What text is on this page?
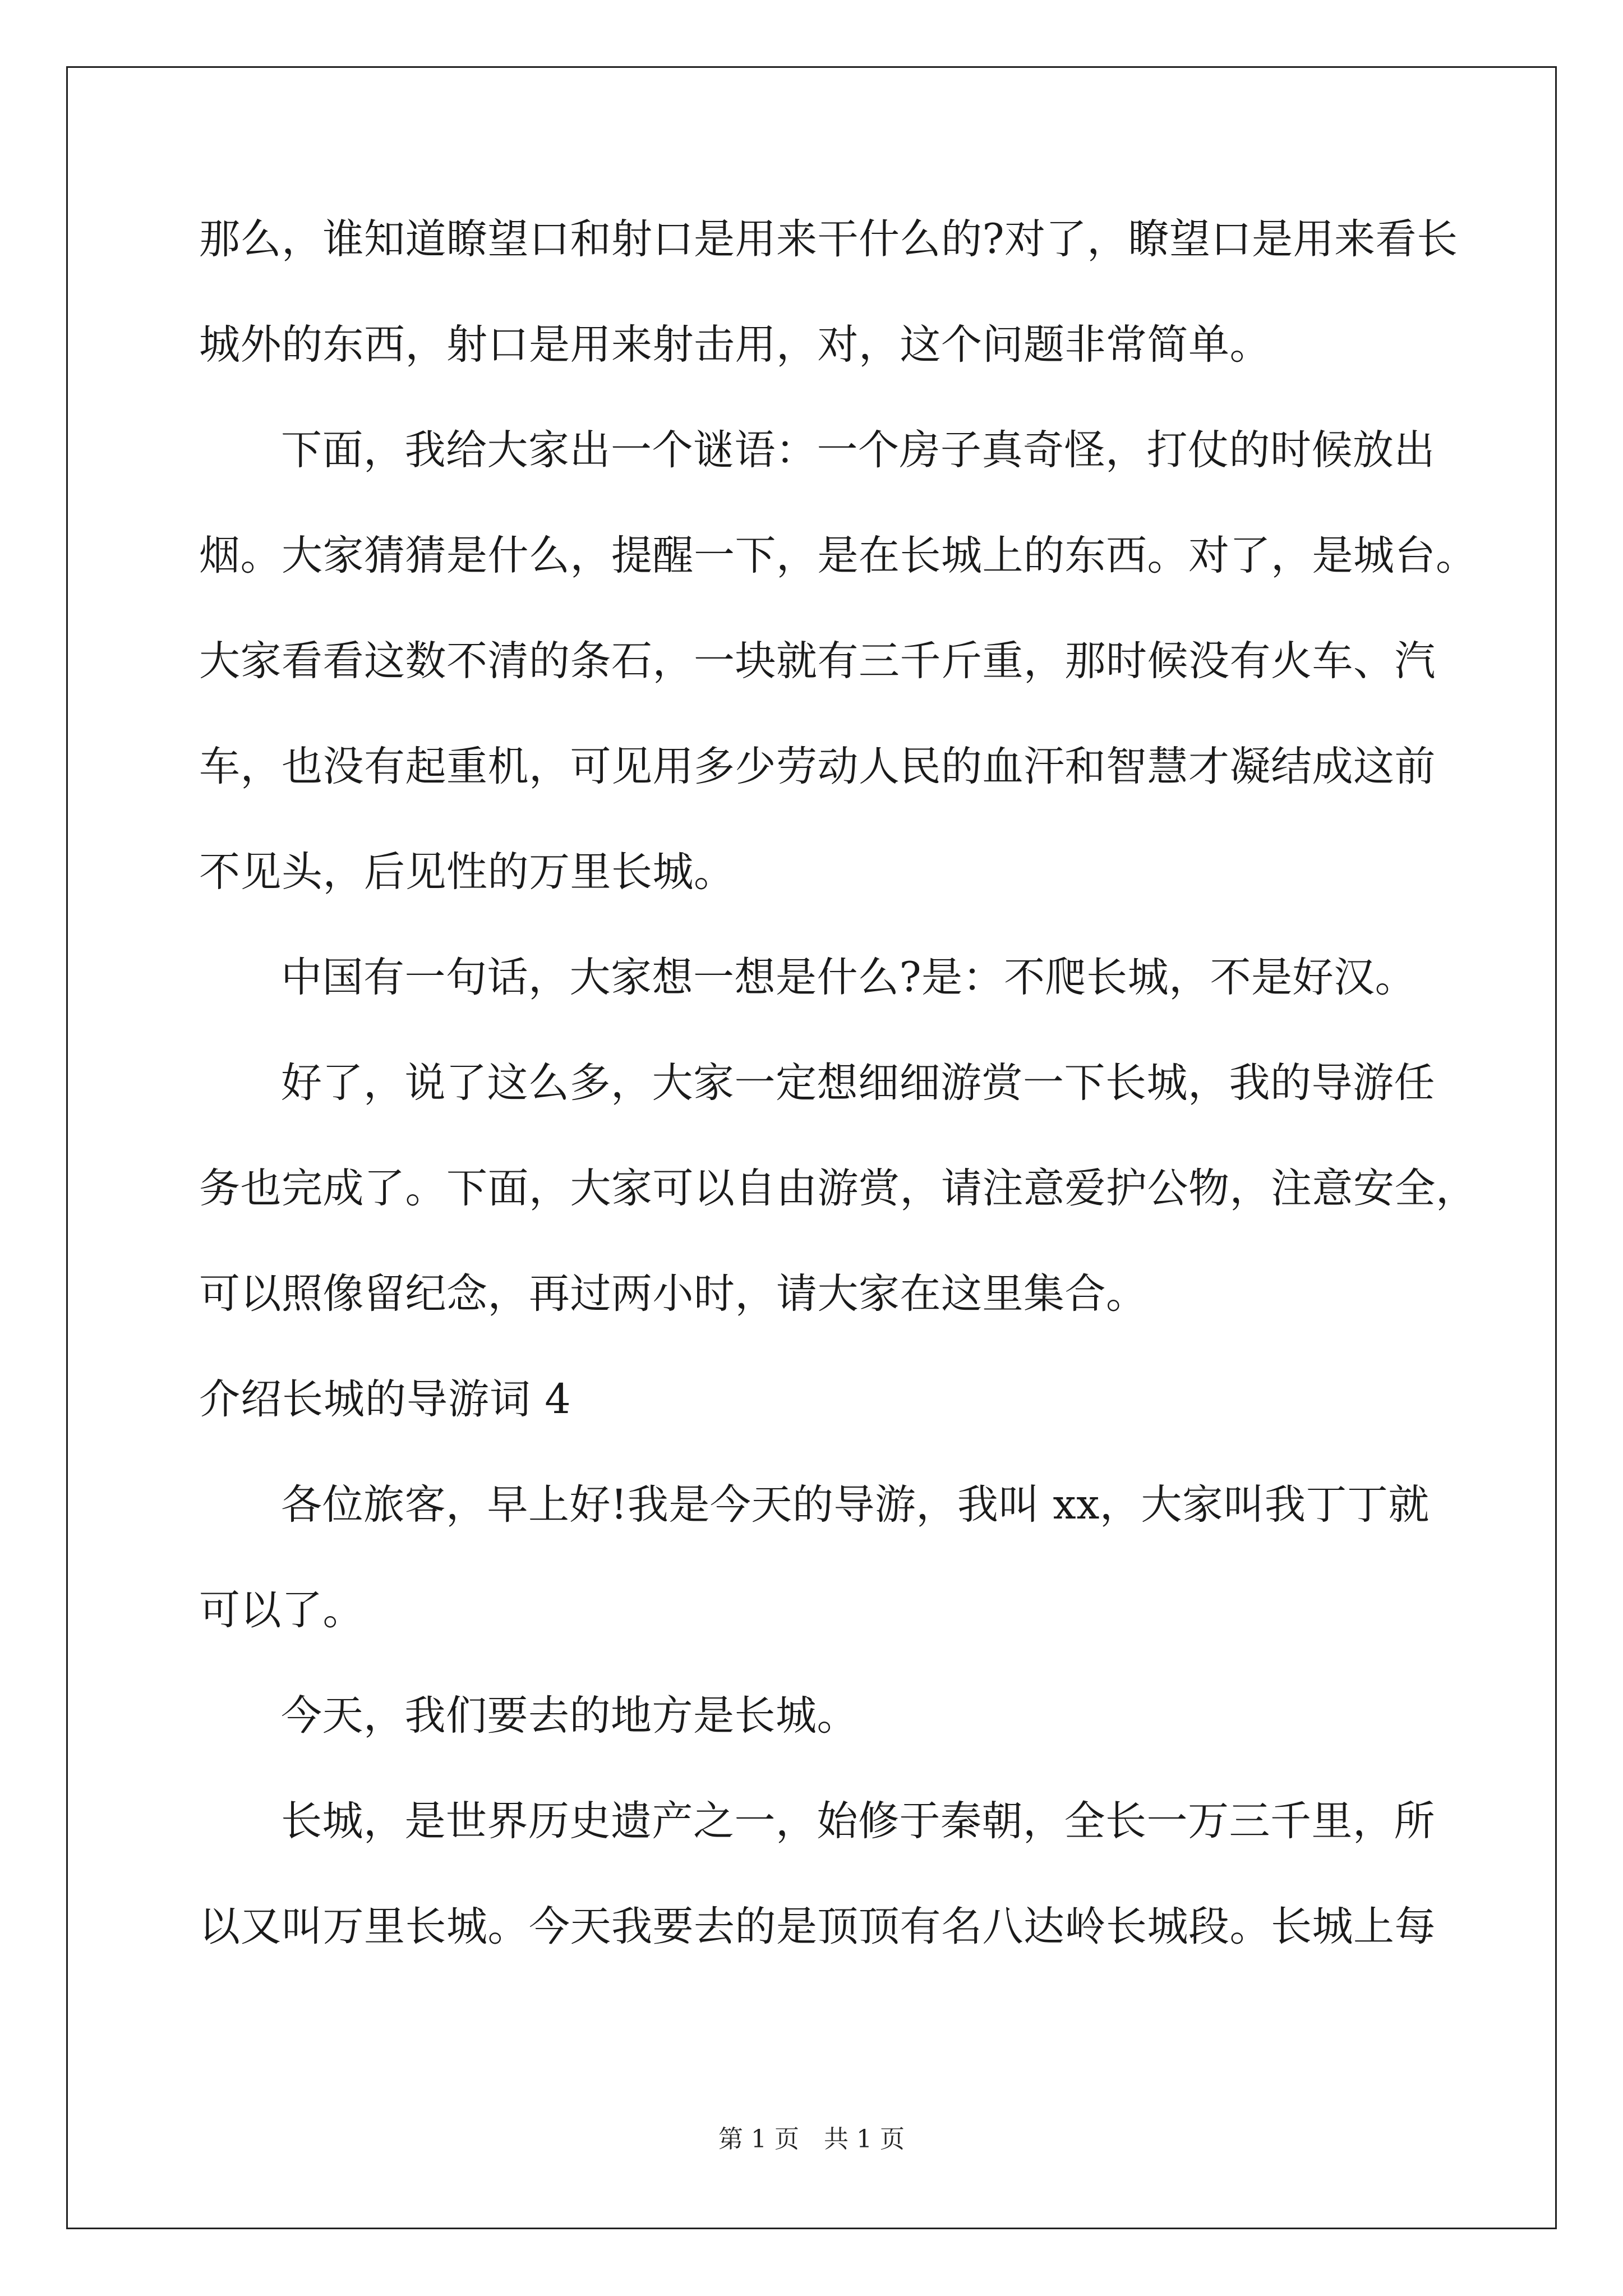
那么，谁知道瞭望口和射口是用来干什么的?对了，瞭望口是用来看长
城外的东西，射口是用来射击用，对，这个问题非常简单。
下面，我给大家出一个谜语：一个房子真奇怪，打仗的时候放出
烟。大家猜猜是什么，提醒一下，是在长城上的东西。对了，是城台。
大家看看这数不清的条石，一块就有三千斤重，那时候没有火车、汽
车，也没有起重机，可见用多少劳动人民的血汗和智慧才凝结成这前
不见头，后见性的万里长城。
中国有一句话，大家想一想是什么?是：不爬长城，不是好汉。
好了，说了这么多，大家一定想细细游赏一下长城，我的导游任
务也完成了。下面，大家可以自由游赏，请注意爱护公物，注意安全，
可以照像留纪念，再过两小时，请大家在这里集合。
介绍长城的导游词 4
各位旅客，早上好!我是今天的导游，我叫 xx，大家叫我丁丁就
可以了。
今天，我们要去的地方是长城。
长城，是世界历史遗产之一，始修于秦朝，全长一万三千里，所
以又叫万里长城。今天我要去的是顶顶有名八达岭长城段。长城上每
第 1 页 共 1 页
